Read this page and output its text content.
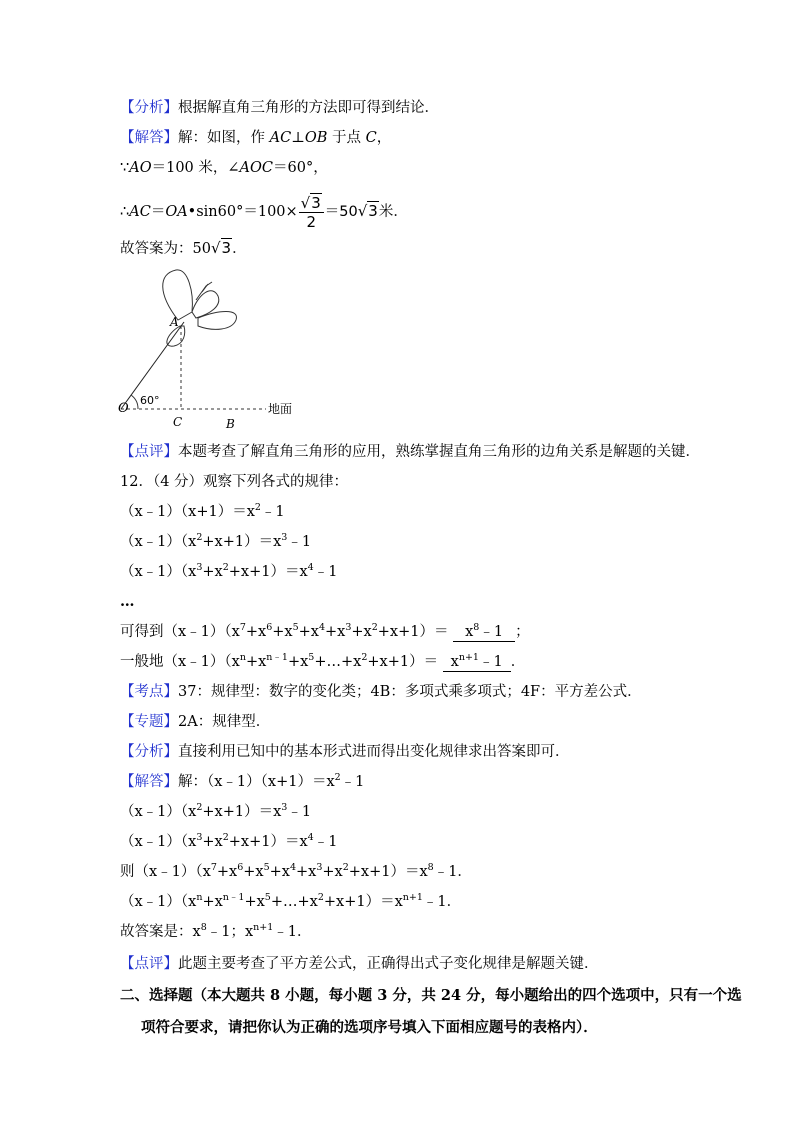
【分析】根据解直角三角形的方法即可得到结论．
【解答】解：如图，作 AC⊥OB 于点 C，
∵AO＝100 米，∠AOC＝60°，
∴AC＝OA•sin60°＝100× $\frac{√3}{2} =50√3$米．
故答案为：50√3．
A
O
C	B
60°
地面
【点评】本题考查了解直角三角形的应用，熟练掌握直角三角形的边角关系是解题的关键．
12．（4 分）观察下列各式的规律：
$(x﹣1)(x+1)=x^2﹣1$
$(x﹣1)(x^2+x+1)=x^3﹣1$
$(x﹣1)(x^3+x^2+x+1)=x^4﹣1$
…
可得到$(x﹣1)(x^7+x^6+x^5+x^4+x^3+x^2+x+1)=$ $x^8﹣1$ ；
一般地$(x﹣1)(x^n+x^{n﹣1}+x^5+\dots+x^2+x+1)=$ $x^{n+1}﹣1$ ．
【考点】37：规律型：数字的变化类；4B：多项式乘多项式；4F：平方差公式．
【专题】2A：规律型．
【分析】直接利用已知中的基本形式进而得出变化规律求出答案即可．
【解答】解：$(x﹣1)(x+1)=x^2﹣1$
$(x﹣1)(x^2+x+1)=x^3﹣1$
$(x﹣1)(x^3+x^2+x+1)=x^4﹣1$
则$(x﹣1)(x^7+x^6+x^5+x^4+x^3+x^2+x+1)=x^8﹣1$．
$(x﹣1)(x^n+x^{n﹣1}+x^5+\dots+x^2+x+1)=x^{n+1}﹣1$．
故答案是：$x^8﹣1$；$x^{n+1}﹣1$．
【点评】此题主要考查了平方差公式，正确得出式子变化规律是解题关键．
二、选择题（本大题共 8 小题，每小题 3 分，共 24 分，每小题给出的四个选项中，只有一个选
项符合要求，请把你认为正确的选项序号填入下面相应题号的表格内）．
